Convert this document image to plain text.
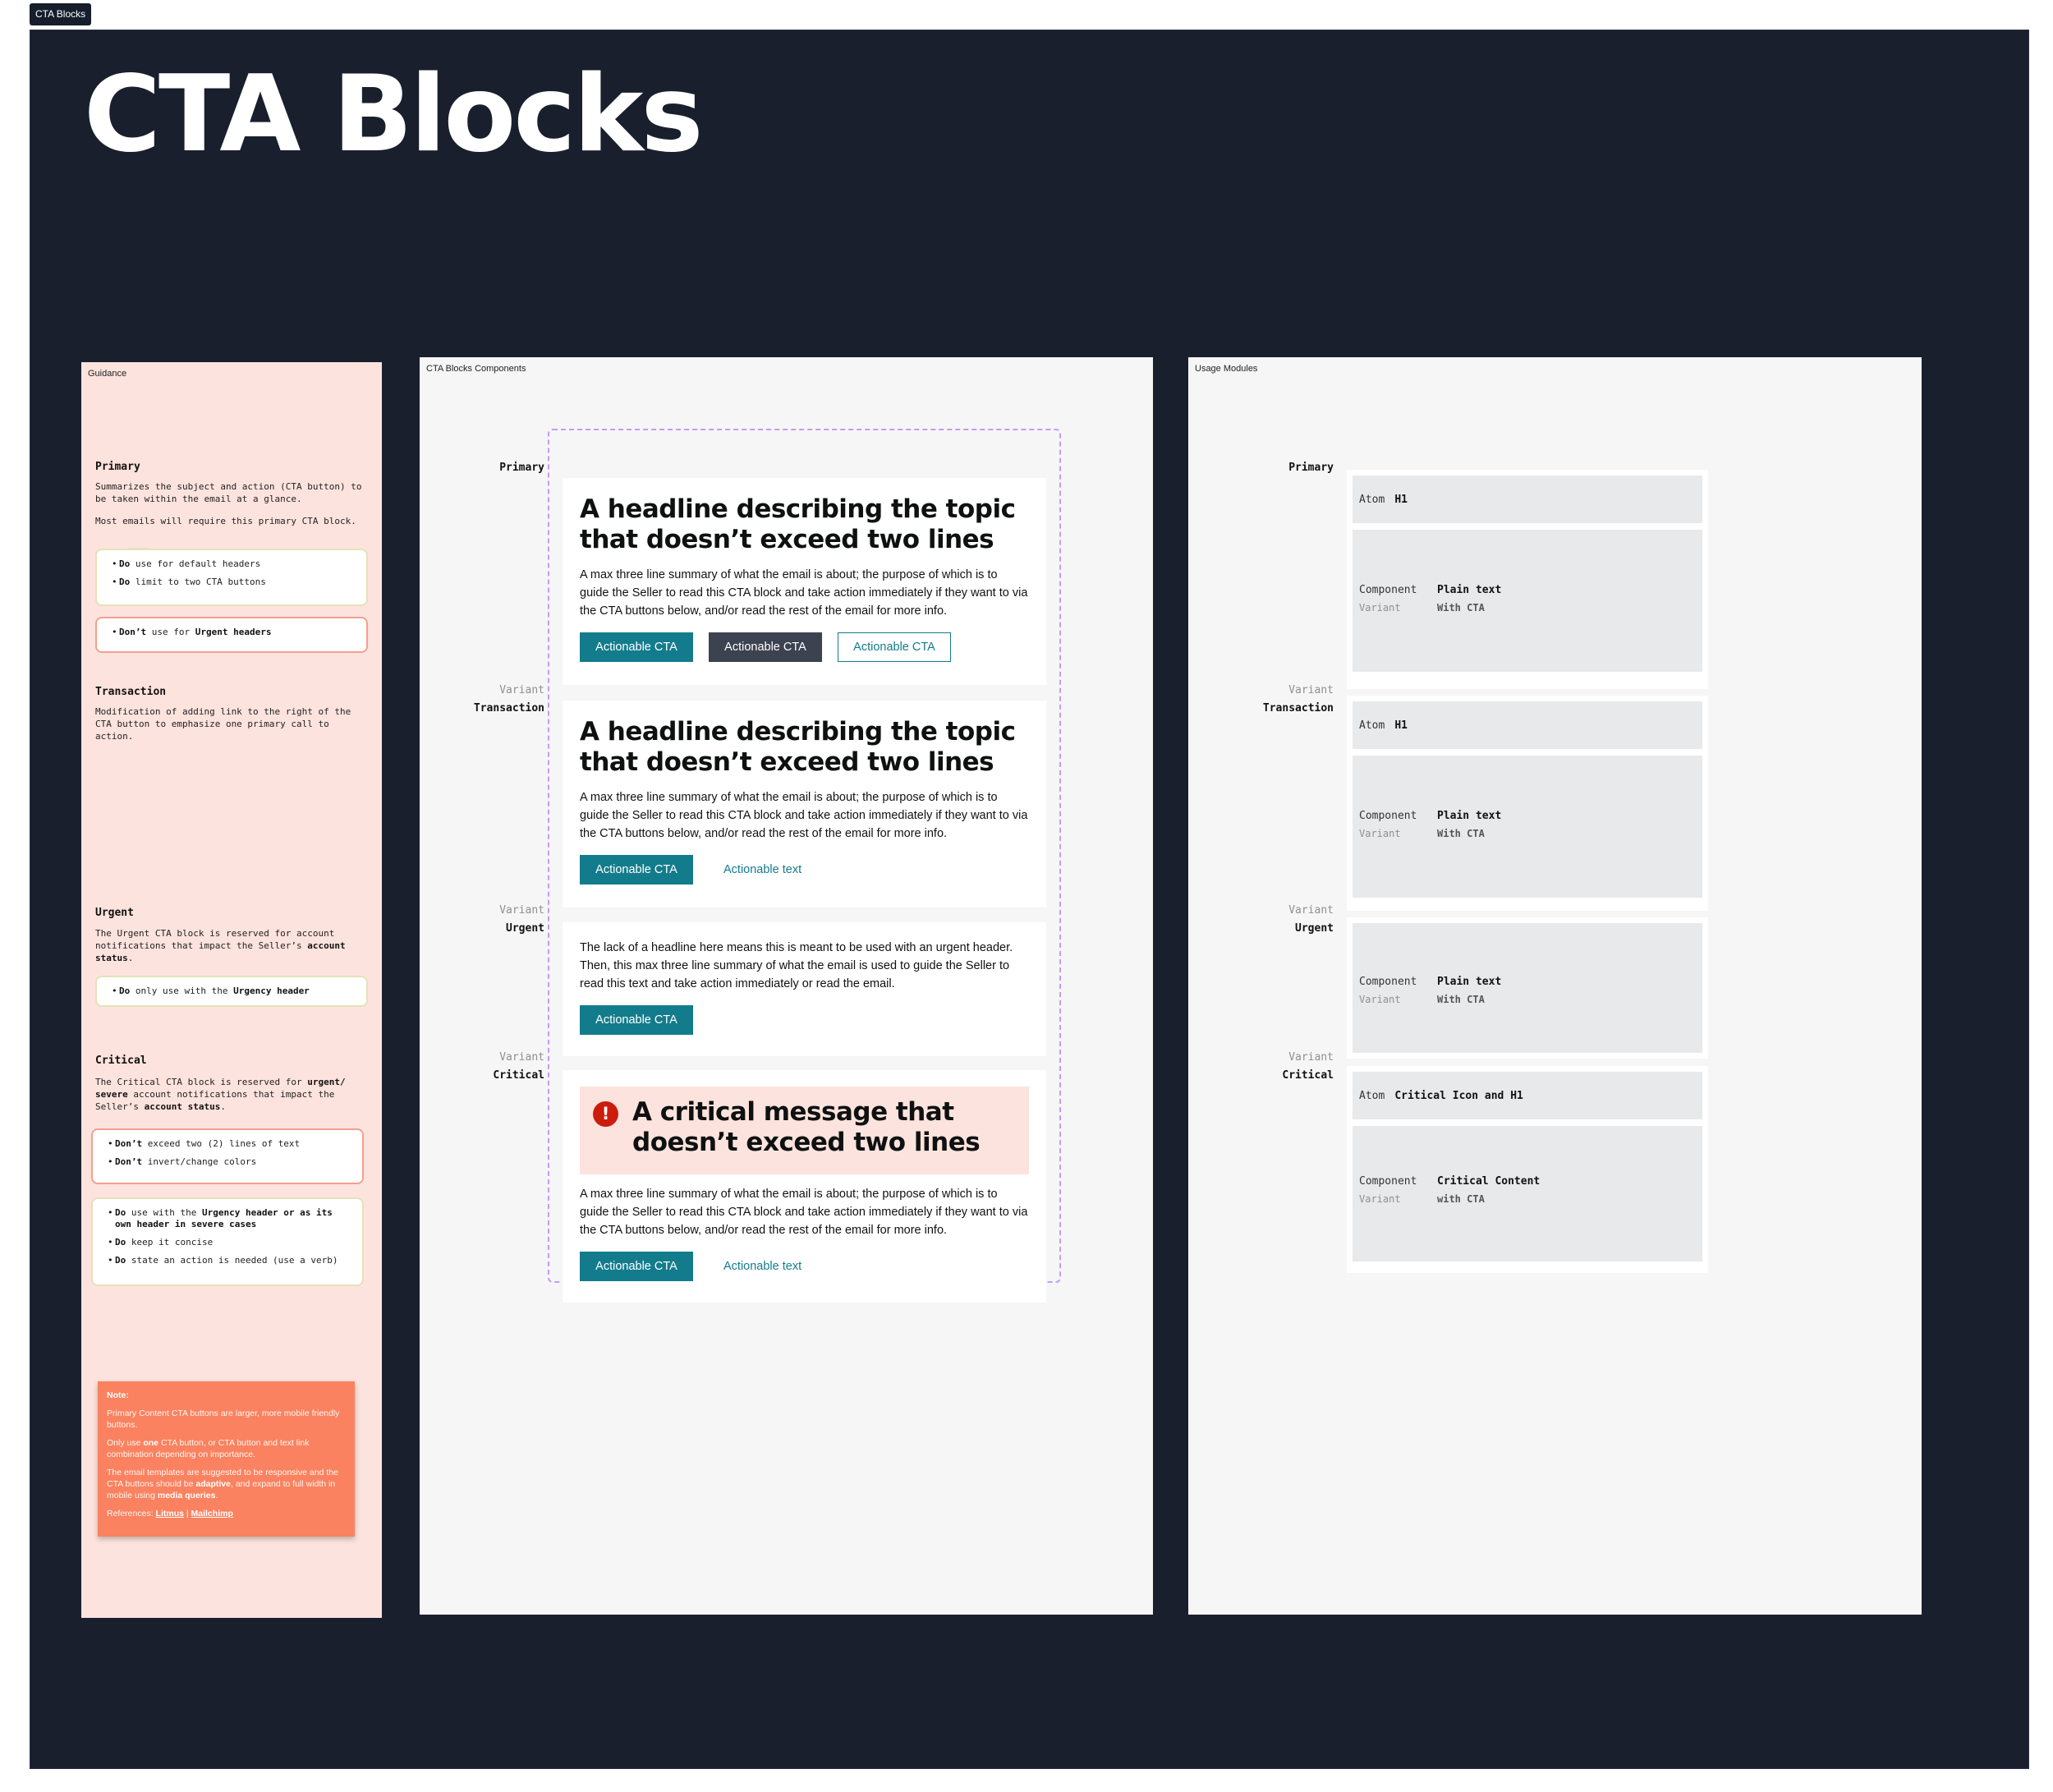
CTA Blocks
CTA Blocks
Guidance
Primary
Summarizes the subject and action (CTA button) to be taken within the email at a glance.
Most emails will require this primary CTA block.
• Do use for default headers
• Do limit to two CTA buttons
• Don’t use for Urgent headers
Transaction
Modification of adding link to the right of the CTA button to emphasize one primary call to action.
Urgent
The Urgent CTA block is reserved for account notifications that impact the Seller’s account status.
• Do only use with the Urgency header
Critical
The Critical CTA block is reserved for urgent/ severe account notifications that impact the Seller’s account status.
• Don’t exceed two (2) lines of text
• Don’t invert/change colors
• Do use with the Urgency header or as its own header in severe cases
• Do keep it concise
• Do state an action is needed (use a verb)

Note:

Primary Content CTA buttons are larger, more mobile friendly buttons.

Only use one CTA button, or CTA button and text link combination depending on importance.

The email templates are suggested to be responsive and the CTA buttons should be adaptive, and expand to full width in mobile using media queries.

References: Litmus | Mailchimp

CTA Blocks Components
Primary
Variant
Transaction
Variant
Urgent
Variant
Critical
A headline describing the topic that doesn’t exceed two lines

A max three line summary of what the email is about; the purpose of which is to guide the Seller to read this CTA block and take action immediately if they want to via the CTA buttons below, and/or read the rest of the email for more info.

Actionable CTA	Actionable CTA	Actionable CTA
A headline describing the topic that doesn’t exceed two lines

A max three line summary of what the email is about; the purpose of which is to guide the Seller to read this CTA block and take action immediately if they want to via the CTA buttons below, and/or read the rest of the email for more info.

Actionable CTA	Actionable text

The lack of a headline here means this is meant to be used with an urgent header. Then, this max three line summary of what the email is used to guide the Seller to read this text and take action immediately or read the email.

Actionable CTA
! A critical message that doesn’t exceed two lines

A max three line summary of what the email is about; the purpose of which is to guide the Seller to read this CTA block and take action immediately if they want to via the CTA buttons below, and/or read the rest of the email for more info.

Actionable CTA	Actionable text
Usage Modules
Primary
Variant
Transaction
Variant
Urgent
Variant
Critical
Atom H1
Component	Plain text
Variant	With CTA
Atom H1
Component	Plain text
Variant	With CTA
Component	Plain text
Variant	With CTA
Atom Critical Icon and H1
Component	Critical Content
Variant	with CTA
